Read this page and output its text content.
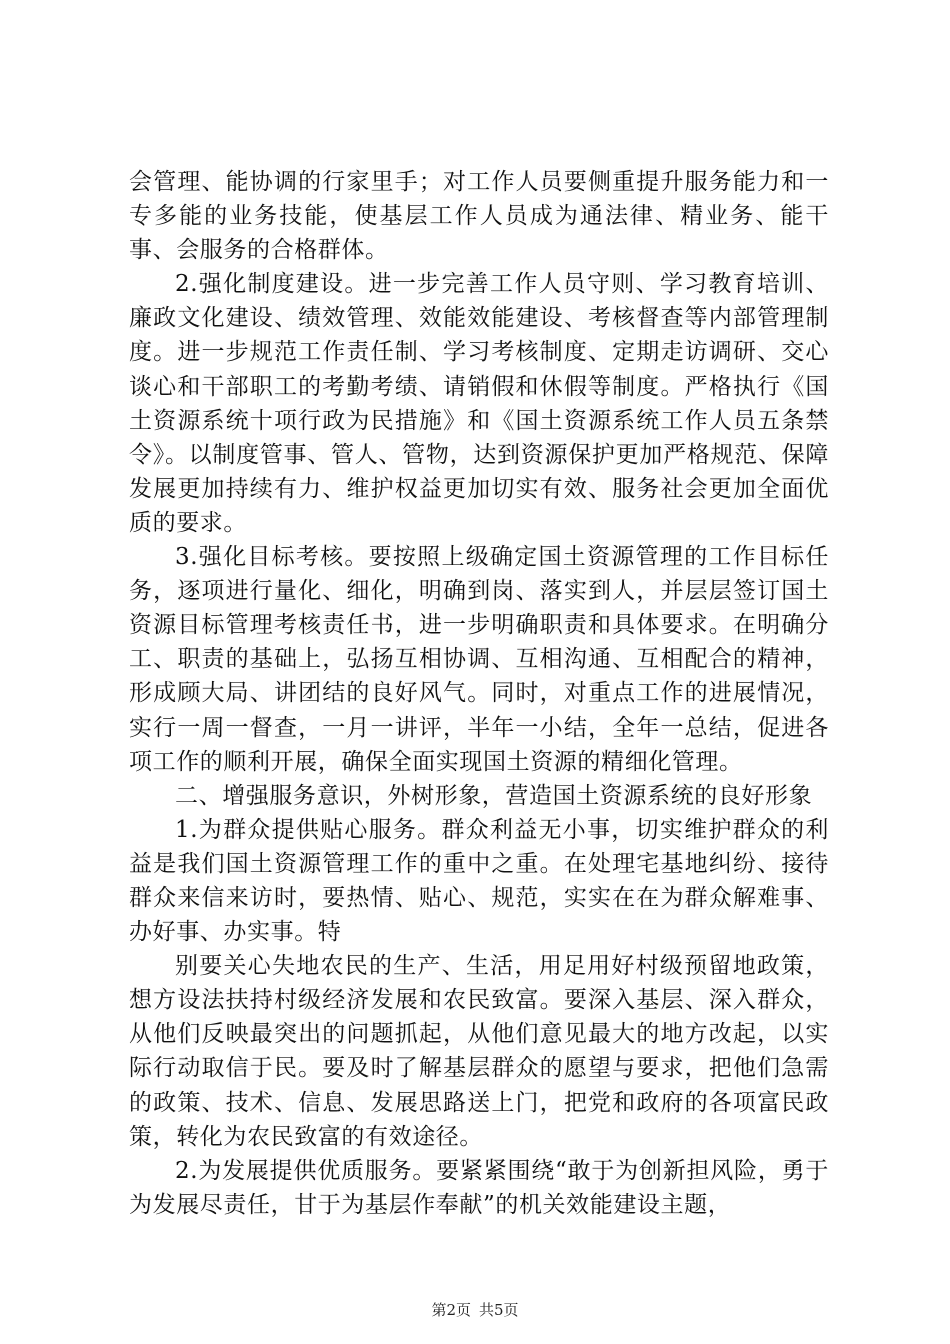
会管理、能协调的行家里手；对工作人员要侧重提升服务能力和一专多能的业务技能，使基层工作人员成为通法律、精业务、能干事、会服务的合格群体。

2.强化制度建设。进一步完善工作人员守则、学习教育培训、廉政文化建设、绩效管理、效能效能建设、考核督查等内部管理制度。进一步规范工作责任制、学习考核制度、定期走访调研、交心谈心和干部职工的考勤考绩、请销假和休假等制度。严格执行《国土资源系统十项行政为民措施》和《国土资源系统工作人员五条禁令》。以制度管事、管人、管物，达到资源保护更加严格规范、保障发展更加持续有力、维护权益更加切实有效、服务社会更加全面优质的要求。

3.强化目标考核。要按照上级确定国土资源管理的工作目标任务，逐项进行量化、细化，明确到岗、落实到人，并层层签订国土资源目标管理考核责任书，进一步明确职责和具体要求。在明确分工、职责的基础上，弘扬互相协调、互相沟通、互相配合的精神，形成顾大局、讲团结的良好风气。同时，对重点工作的进展情况，实行一周一督查，一月一讲评，半年一小结，全年一总结，促进各项工作的顺利开展，确保全面实现国土资源的精细化管理。

二、增强服务意识，外树形象，营造国土资源系统的良好形象

1.为群众提供贴心服务。群众利益无小事，切实维护群众的利益是我们国土资源管理工作的重中之重。在处理宅基地纠纷、接待群众来信来访时，要热情、贴心、规范，实实在在为群众解难事、办好事、办实事。特

别要关心失地农民的生产、生活，用足用好村级预留地政策，想方设法扶持村级经济发展和农民致富。要深入基层、深入群众，从他们反映最突出的问题抓起，从他们意见最大的地方改起，以实际行动取信于民。要及时了解基层群众的愿望与要求，把他们急需的政策、技术、信息、发展思路送上门，把党和政府的各项富民政策，转化为农民致富的有效途径。

2.为发展提供优质服务。要紧紧围绕“敢于为创新担风险，勇于为发展尽责任，甘于为基层作奉献”的机关效能建设主题，

第2页 共5页
